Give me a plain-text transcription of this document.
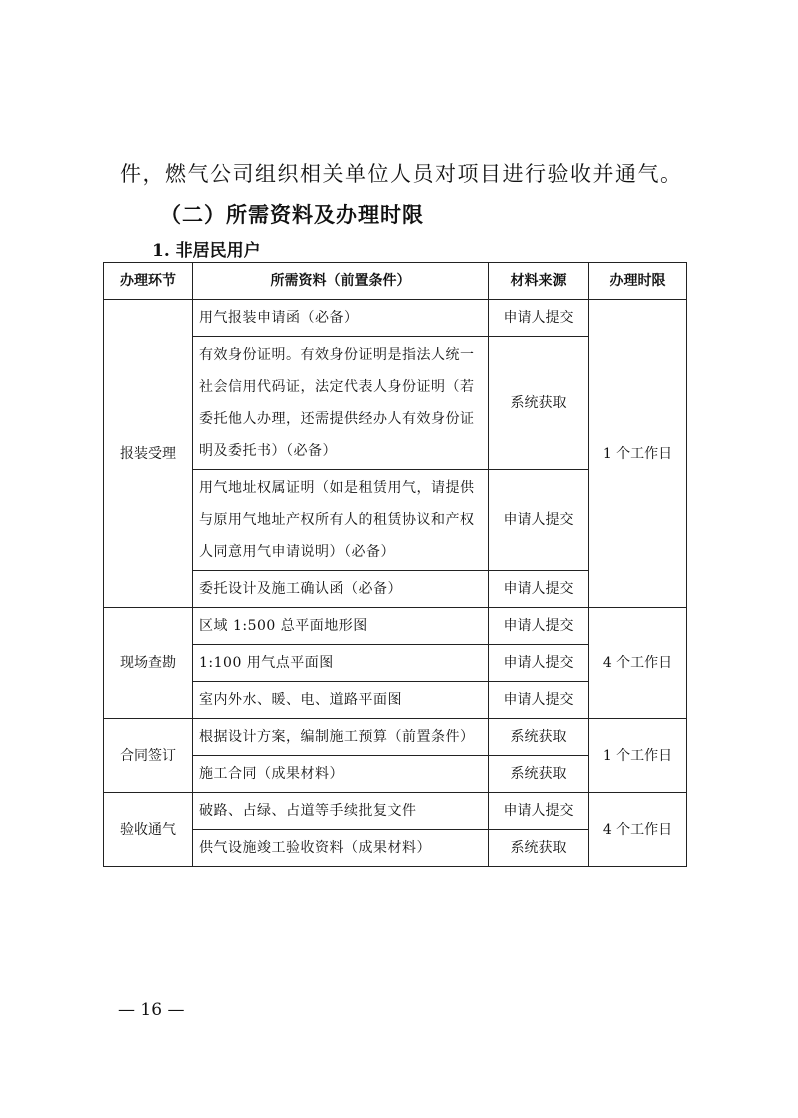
件，燃气公司组织相关单位人员对项目进行验收并通气。
（二）所需资料及办理时限
1. 非居民用户
办理环节	所需资料（前置条件）	材料来源	办理时限
报装受理	用气报装申请函（必备）	申请人提交	1 个工作日
	有效身份证明。有效身份证明是指法人统一社会信用代码证，法定代表人身份证明（若委托他人办理，还需提供经办人有效身份证明及委托书）（必备）	系统获取	
	用气地址权属证明（如是租赁用气，请提供与原用气地址产权所有人的租赁协议和产权人同意用气申请说明）（必备）	申请人提交	
	委托设计及施工确认函（必备）	申请人提交	
现场查勘	区域 1:500 总平面地形图	申请人提交	4 个工作日
	1:100 用气点平面图	申请人提交	
	室内外水、暖、电、道路平面图	申请人提交	
合同签订	根据设计方案，编制施工预算（前置条件）	系统获取	1 个工作日
	施工合同（成果材料）	系统获取	
验收通气	破路、占绿、占道等手续批复文件	申请人提交	4 个工作日
	供气设施竣工验收资料（成果材料）	系统获取	
— 16 —
